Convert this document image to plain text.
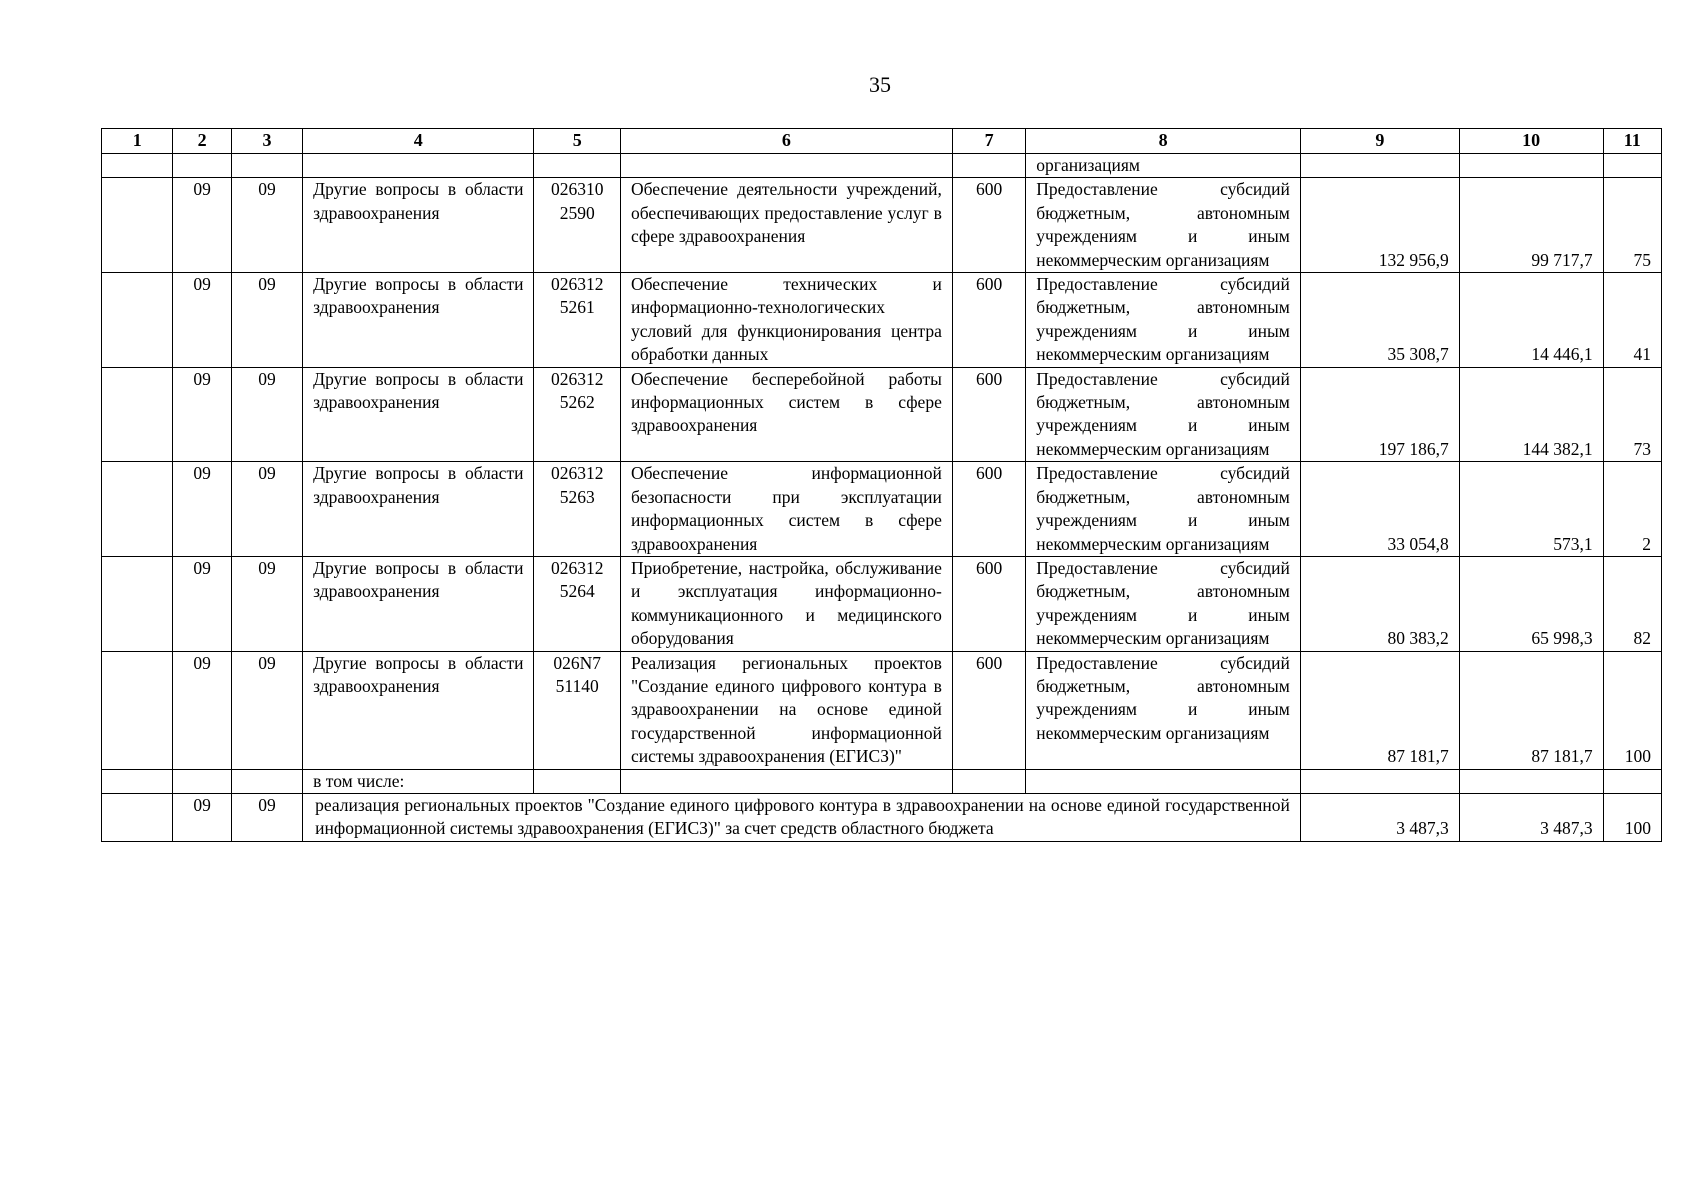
35
1	2	3	4	5	6	7	8	9	10	11
							организациям			
	09	09	Другие вопросы в области здравоохранения	026310 2590	Обеспечение деятельности учреждений, обеспечивающих предоставление услуг в сфере здравоохранения	600	Предоставление субсидий бюджетным, автономным учреждениям и иным некоммерческим организациям	132 956,9	99 717,7	75
	09	09	Другие вопросы в области здравоохранения	026312 5261	Обеспечение технических и информационно-технологических условий для функционирования центра обработки данных	600	Предоставление субсидий бюджетным, автономным учреждениям и иным некоммерческим организациям	35 308,7	14 446,1	41
	09	09	Другие вопросы в области здравоохранения	026312 5262	Обеспечение бесперебойной работы информационных систем в сфере здравоохранения	600	Предоставление субсидий бюджетным, автономным учреждениям и иным некоммерческим организациям	197 186,7	144 382,1	73
	09	09	Другие вопросы в области здравоохранения	026312 5263	Обеспечение информационной безопасности при эксплуатации информационных систем в сфере здравоохранения	600	Предоставление субсидий бюджетным, автономным учреждениям и иным некоммерческим организациям	33 054,8	573,1	2
	09	09	Другие вопросы в области здравоохранения	026312 5264	Приобретение, настройка, обслуживание и эксплуатация информационно-коммуникационного и медицинского оборудования	600	Предоставление субсидий бюджетным, автономным учреждениям и иным некоммерческим организациям	80 383,2	65 998,3	82
	09	09	Другие вопросы в области здравоохранения	026N7 51140	Реализация региональных проектов "Создание единого цифрового контура в здравоохранении на основе единой государственной информационной системы здравоохранения (ЕГИСЗ)"	600	Предоставление субсидий бюджетным, автономным учреждениям и иным некоммерческим организациям	87 181,7	87 181,7	100
			в том числе:							
	09	09	реализация региональных проектов "Создание единого цифрового контура в здравоохранении на основе единой государственной информационной системы здравоохранения (ЕГИСЗ)" за счет средств областного бюджета					3 487,3	3 487,3	100
